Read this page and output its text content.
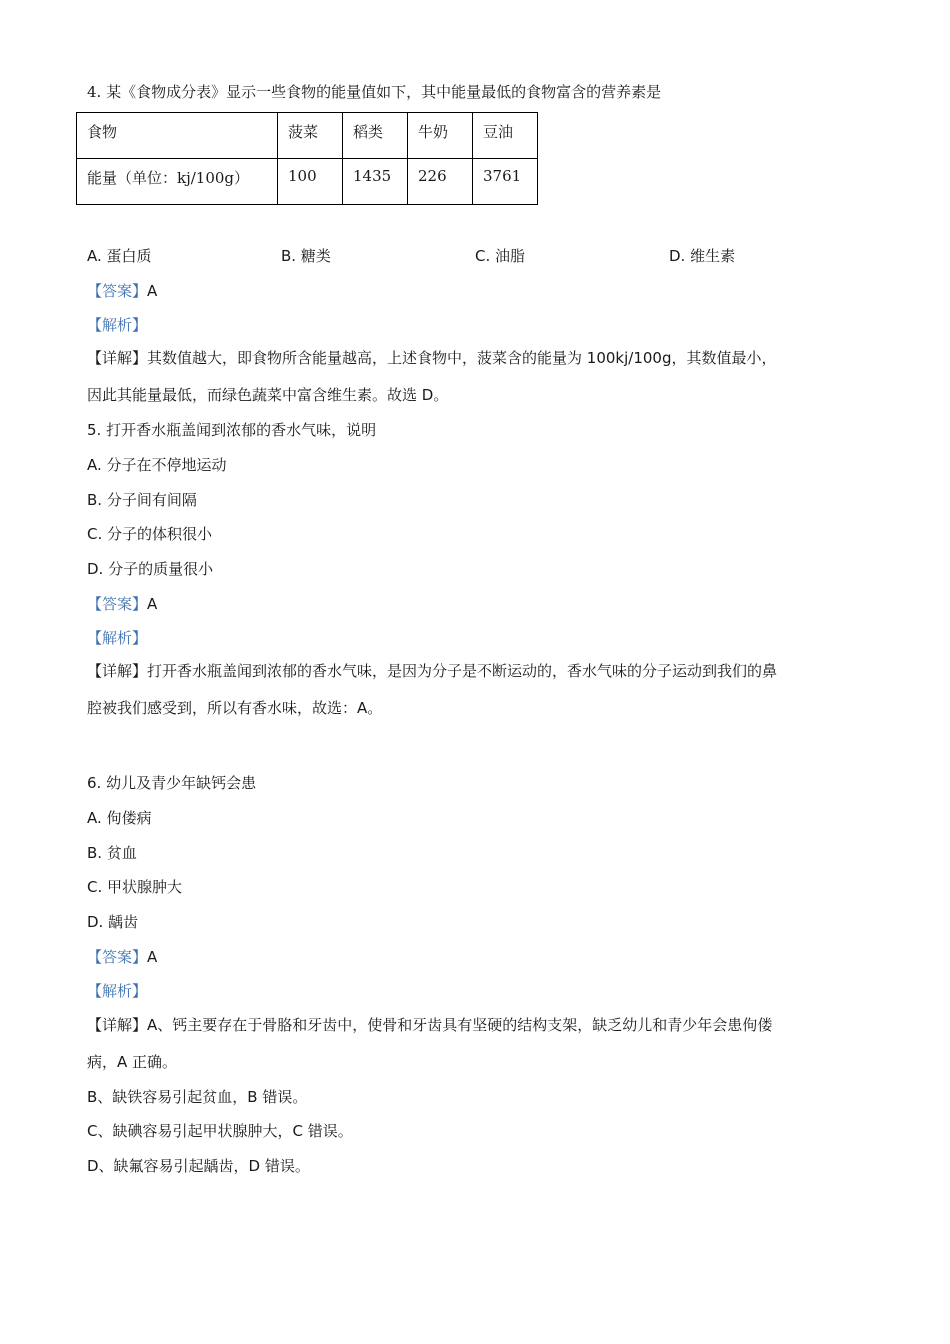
4. 某《食物成分表》显示一些食物的能量值如下，其中能量最低的食物富含的营养素是
食物	菠菜	稻类	牛奶	豆油
能量（单位：kj/100g）	100	1435	226	3761
A. 蛋白质	B. 糖类	C. 油脂	D. 维生素
【答案】A
【解析】
【详解】其数值越大，即食物所含能量越高，上述食物中，菠菜含的能量为 100kj/100g，其数值最小，
因此其能量最低，而绿色蔬菜中富含维生素。故选 D。
5. 打开香水瓶盖闻到浓郁的香水气味，说明
A. 分子在不停地运动
B. 分子间有间隔
C. 分子的体积很小
D. 分子的质量很小
【答案】A
【解析】
【详解】打开香水瓶盖闻到浓郁的香水气味，是因为分子是不断运动的，香水气味的分子运动到我们的鼻
腔被我们感受到，所以有香水味，故选：A。
6. 幼儿及青少年缺钙会患
A. 佝偻病
B. 贫血
C. 甲状腺肿大
D. 龋齿
【答案】A
【解析】
【详解】A、钙主要存在于骨胳和牙齿中，使骨和牙齿具有坚硬的结构支架，缺乏幼儿和青少年会患佝偻
病，A 正确。
B、缺铁容易引起贫血，B 错误。
C、缺碘容易引起甲状腺肿大，C 错误。
D、缺氟容易引起龋齿，D 错误。
